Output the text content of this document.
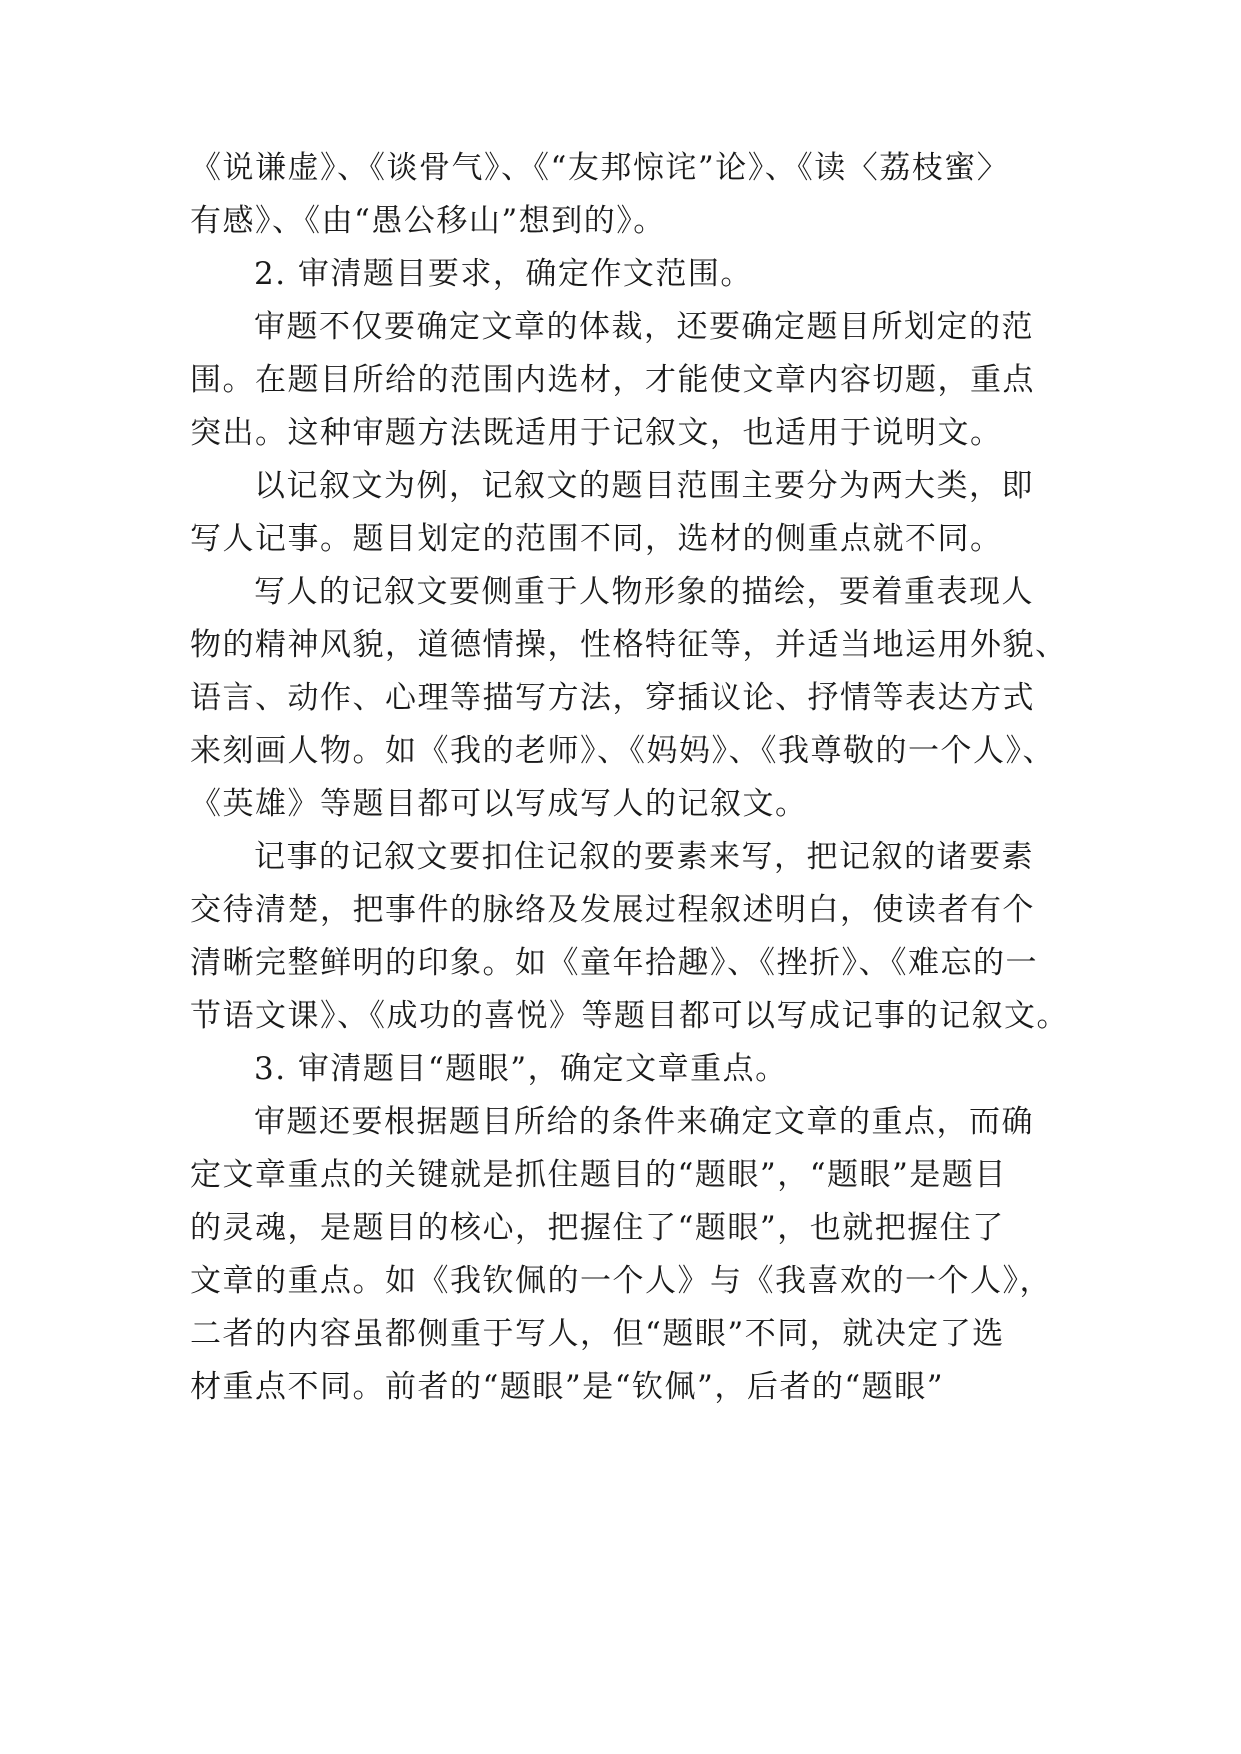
《说谦虚》、《谈骨气》、《“友邦惊诧”论》、《读〈荔枝蜜〉
有感》、《由“愚公移山”想到的》。
2. 审清题目要求，确定作文范围。
审题不仅要确定文章的体裁，还要确定题目所划定的范
围。在题目所给的范围内选材，才能使文章内容切题，重点
突出。这种审题方法既适用于记叙文，也适用于说明文。
以记叙文为例，记叙文的题目范围主要分为两大类，即
写人记事。题目划定的范围不同，选材的侧重点就不同。
写人的记叙文要侧重于人物形象的描绘，要着重表现人
物的精神风貌，道德情操，性格特征等，并适当地运用外貌、
语言、动作、心理等描写方法，穿插议论、抒情等表达方式
来刻画人物。如《我的老师》、《妈妈》、《我尊敬的一个人》、
《英雄》等题目都可以写成写人的记叙文。
记事的记叙文要扣住记叙的要素来写，把记叙的诸要素
交待清楚，把事件的脉络及发展过程叙述明白，使读者有个
清晰完整鲜明的印象。如《童年拾趣》、《挫折》、《难忘的一
节语文课》、《成功的喜悦》等题目都可以写成记事的记叙文。
3. 审清题目“题眼”，确定文章重点。
审题还要根据题目所给的条件来确定文章的重点，而确
定文章重点的关键就是抓住题目的“题眼”，“题眼”是题目
的灵魂，是题目的核心，把握住了“题眼”，也就把握住了
文章的重点。如《我钦佩的一个人》与《我喜欢的一个人》，
二者的内容虽都侧重于写人，但“题眼”不同，就决定了选
材重点不同。前者的“题眼”是“钦佩”，后者的“题眼”
